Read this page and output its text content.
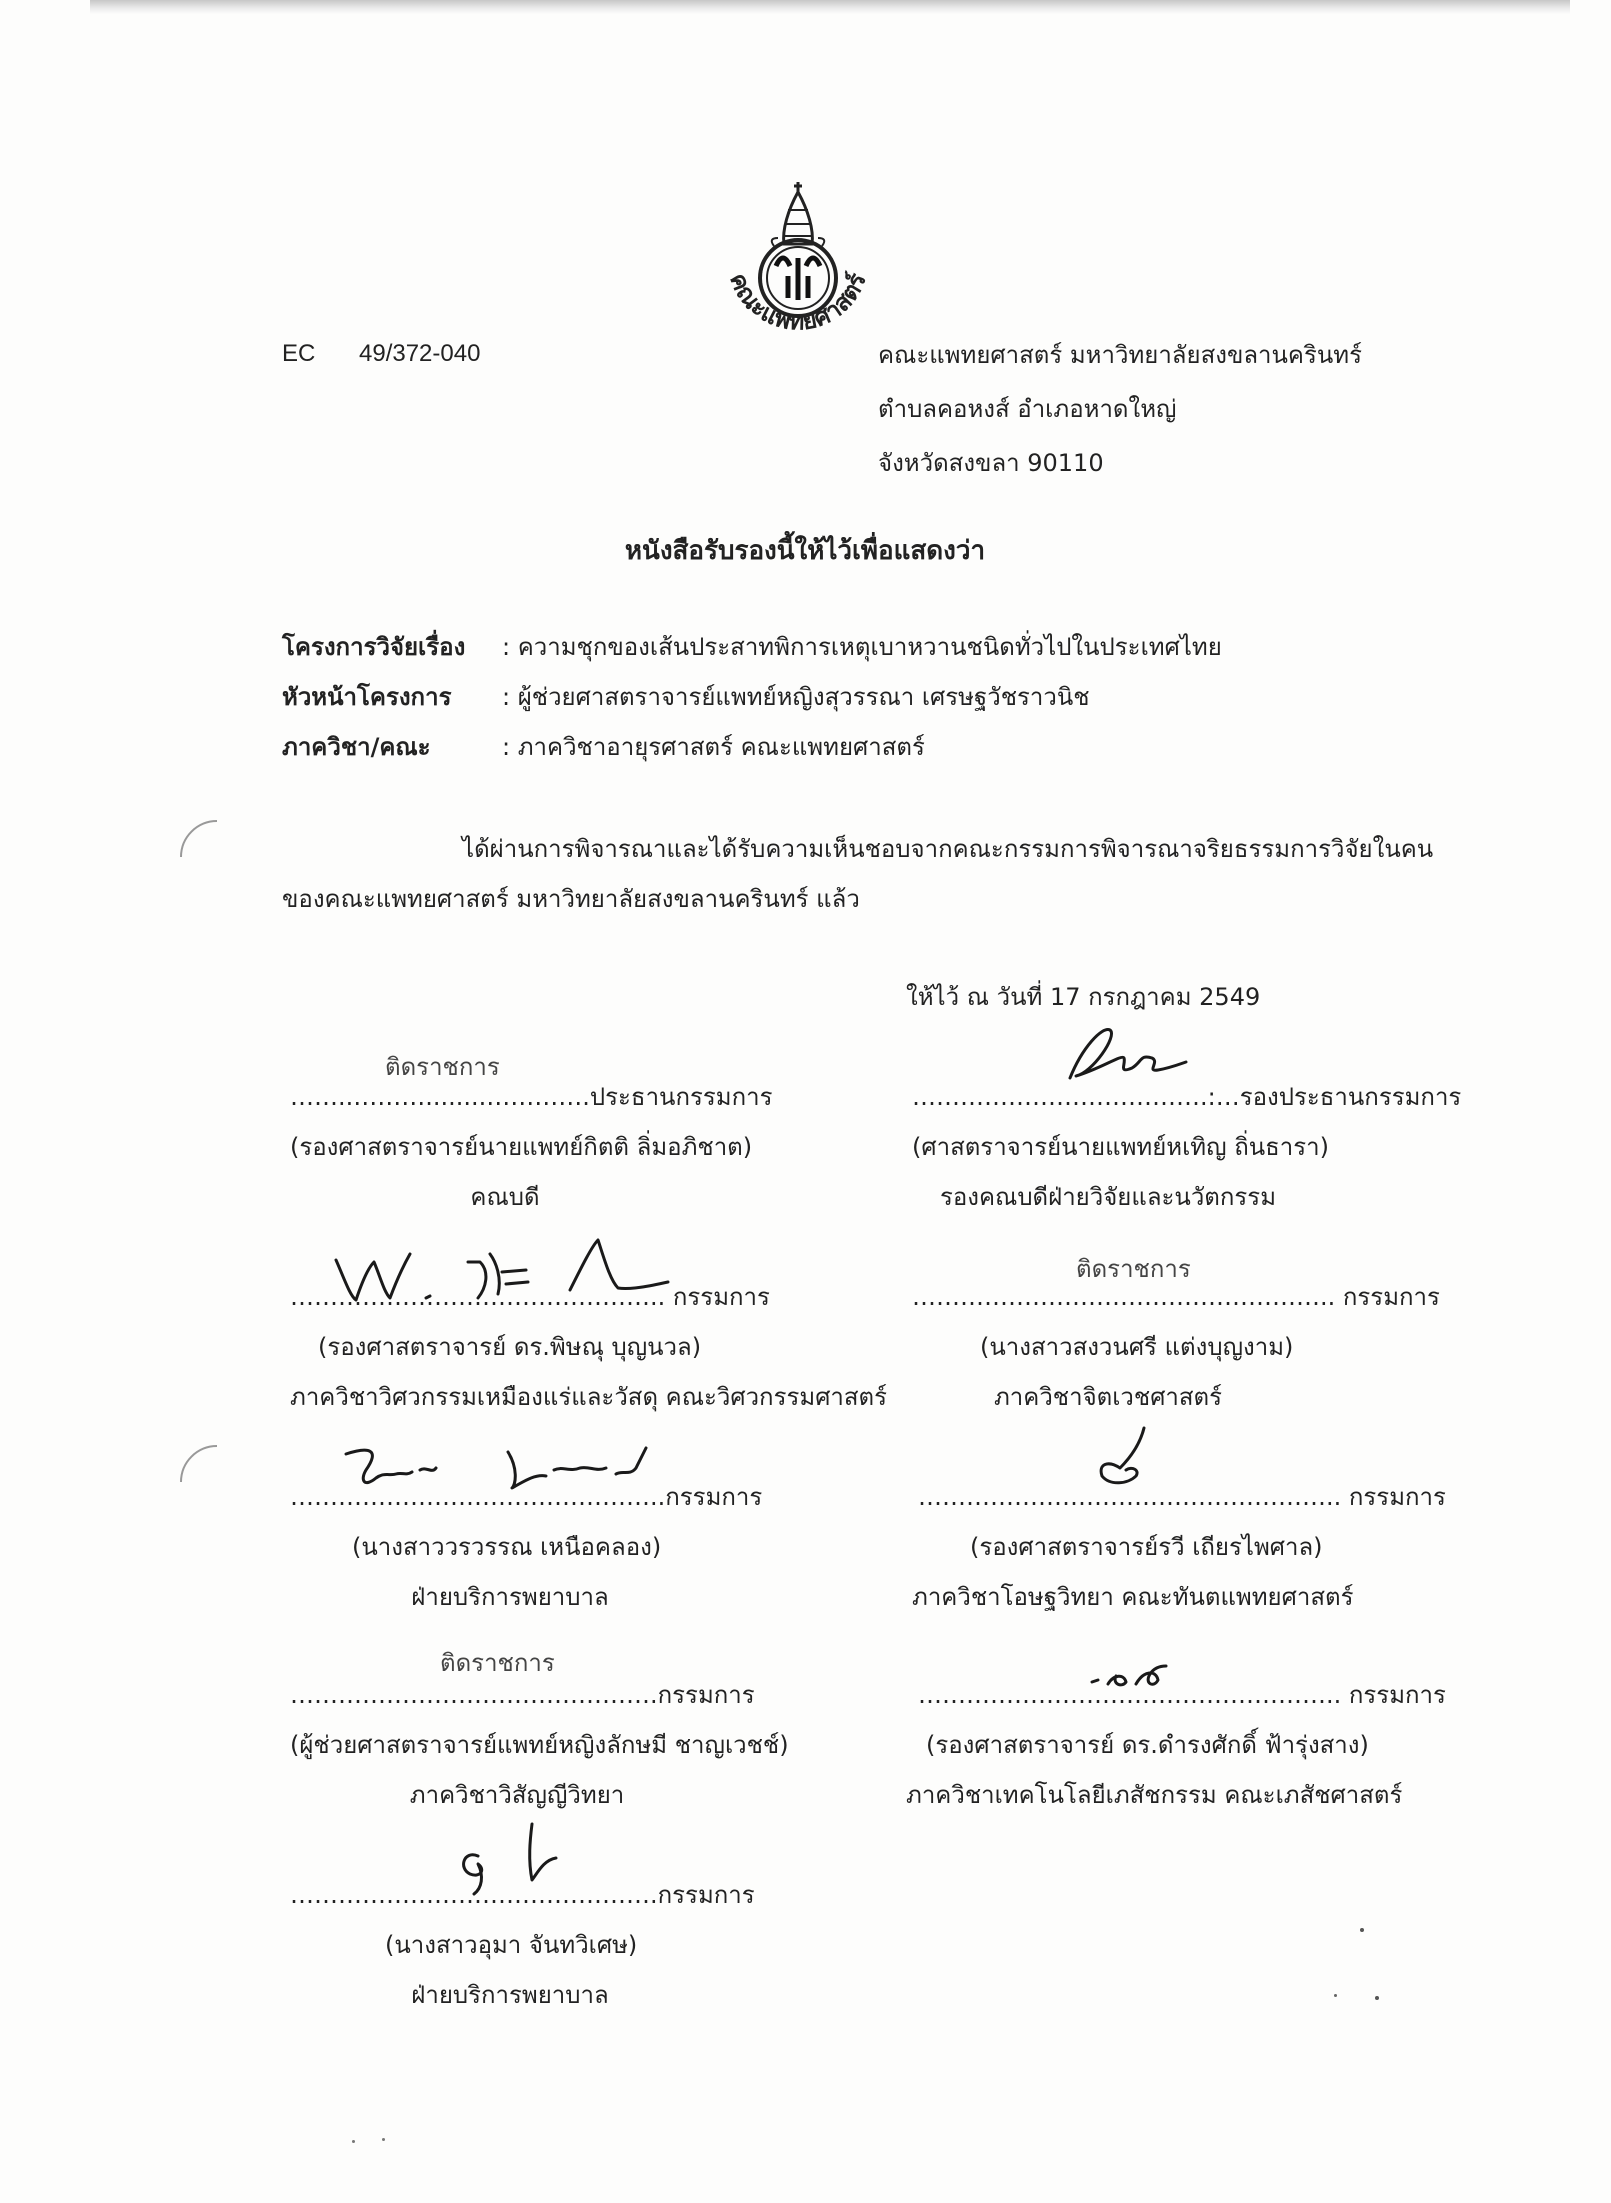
คณะแพทยศาสตร์
EC 49/372-040	คณะแพทยศาสตร์ มหาวิทยาลัยสงขลานครินทร์
ตำบลคอหงส์ อำเภอหาดใหญ่
จังหวัดสงขลา 90110
หนังสือรับรองนี้ให้ไว้เพื่อแสดงว่า
โครงการวิจัยเรื่อง : ความชุกของเส้นประสาทพิการเหตุเบาหวานชนิดทั่วไปในประเทศไทย
หัวหน้าโครงการ : ผู้ช่วยศาสตราจารย์แพทย์หญิงสุวรรณา เศรษฐวัชราวนิช
ภาควิชา/คณะ	: ภาควิชาอายุรศาสตร์ คณะแพทยศาสตร์
ได้ผ่านการพิจารณาและได้รับความเห็นชอบจากคณะกรรมการพิจารณาจริยธรรมการวิจัยในคน
ของคณะแพทยศาสตร์ มหาวิทยาลัยสงขลานครินทร์ แล้ว
ให้ไว้ ณ วันที่ 17 กรกฎาคม 2549
ติดราชการ
……..………........………….ประธานกรรมการ
(รองศาสตราจารย์นายแพทย์กิตติ ลิ่มอภิชาต)
คณบดี
……………………………….:…รองประธานกรรมการ
(ศาสตราจารย์นายแพทย์หเทิญ ถิ่นธารา)
รองคณบดีฝ่ายวิจัยและนวัตกรรม
……………………………………….. กรรมการ
(รองศาสตราจารย์ ดร.พิษณุ บุญนวล)
ภาควิชาวิศวกรรมเหมืองแร่และวัสดุ คณะวิศวกรรมศาสตร์
ติดราชการ
…………………………………………….. กรรมการ
(นางสาวสงวนศรี แต่งบุญงาม)
ภาควิชาจิตเวชศาสตร์
………………………………………..กรรมการ
(นางสาววรวรรณ เหนือคลอง)
ฝ่ายบริการพยาบาล
…………………………………………….. กรรมการ
(รองศาสตราจารย์รวี เถียรไพศาล)
ภาควิชาโอษฐวิทยา คณะทันตแพทยศาสตร์
ติดราชการ
……………………………………….กรรมการ
(ผู้ช่วยศาสตราจารย์แพทย์หญิงลักษมี ชาญเวชช์)
ภาควิชาวิสัญญีวิทยา
…………………………………………….. กรรมการ
(รองศาสตราจารย์ ดร.ดำรงศักดิ์ ฟ้ารุ่งสาง)
ภาควิชาเทคโนโลยีเภสัชกรรม คณะเภสัชศาสตร์
……………………………………….กรรมการ
(นางสาวอุมา จันทวิเศษ)
ฝ่ายบริการพยาบาล
